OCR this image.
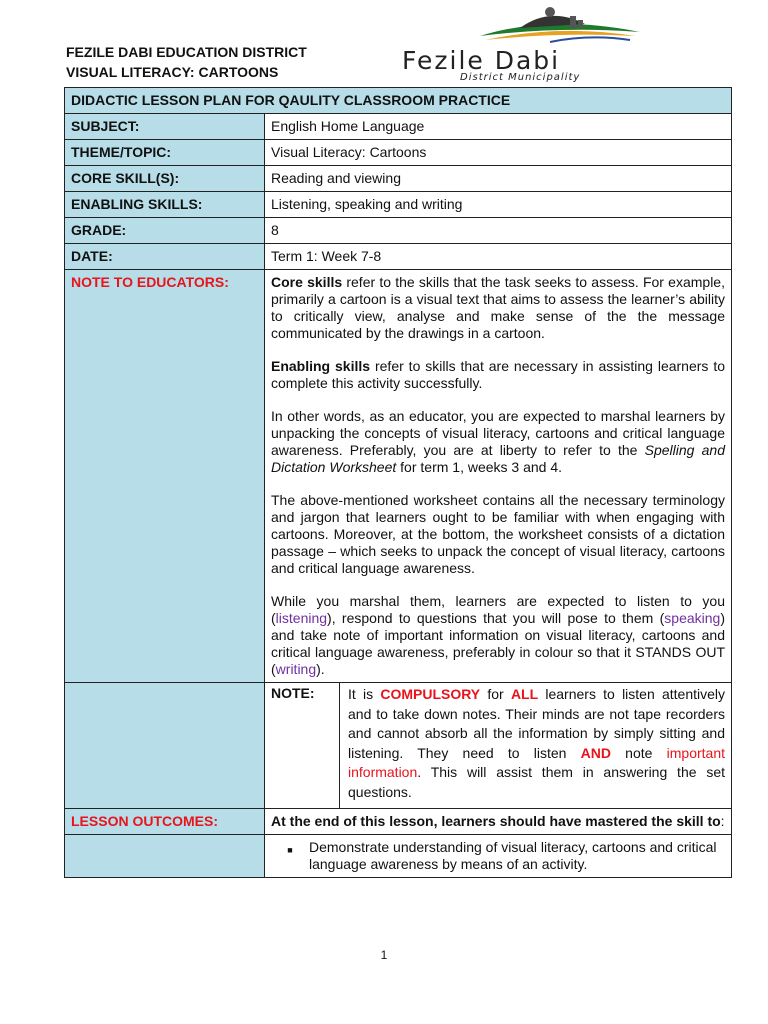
FEZILE DABI EDUCATION DISTRICT
VISUAL LITERACY: CARTOONS	Fezile Dabi
District Municipality
DIDACTIC LESSON PLAN FOR QAULITY CLASSROOM PRACTICE
SUBJECT:	English Home Language
THEME/TOPIC:	Visual Literacy: Cartoons
CORE SKILL(S):	Reading and viewing
ENABLING SKILLS:	Listening, speaking and writing
GRADE:	8
DATE:	Term 1: Week 7-8
NOTE TO EDUCATORS:	Core skills refer to the skills that the task seeks to assess. For example, primarily a cartoon is a visual text that aims to assess the learner’s ability to critically view, analyse and make sense of the the message communicated by the drawings in a cartoon.

Enabling skills refer to skills that are necessary in assisting learners to complete this activity successfully.

In other words, as an educator, you are expected to marshal learners by unpacking the concepts of visual literacy, cartoons and critical language awareness. Preferably, you are at liberty to refer to the Spelling and Dictation Worksheet for term 1, weeks 3 and 4.

The above-mentioned worksheet contains all the necessary terminology and jargon that learners ought to be familiar with when engaging with cartoons. Moreover, at the bottom, the worksheet consists of a dictation passage – which seeks to unpack the concept of visual literacy, cartoons and critical language awareness.

While you marshal them, learners are expected to listen to you (listening), respond to questions that you will pose to them (speaking) and take note of important information on visual literacy, cartoons and critical language awareness, preferably in colour so that it STANDS OUT (writing).

NOTE:	It is COMPULSORY for ALL learners to listen attentively and to take down notes. Their minds are not tape recorders and cannot absorb all the information by simply sitting and listening. They need to listen AND note important information. This will assist them in answering the set questions.

LESSON OUTCOMES:	At the end of this lesson, learners should have mastered the skill to:

■	Demonstrate understanding of visual literacy, cartoons and critical language awareness by means of an activity.
1
